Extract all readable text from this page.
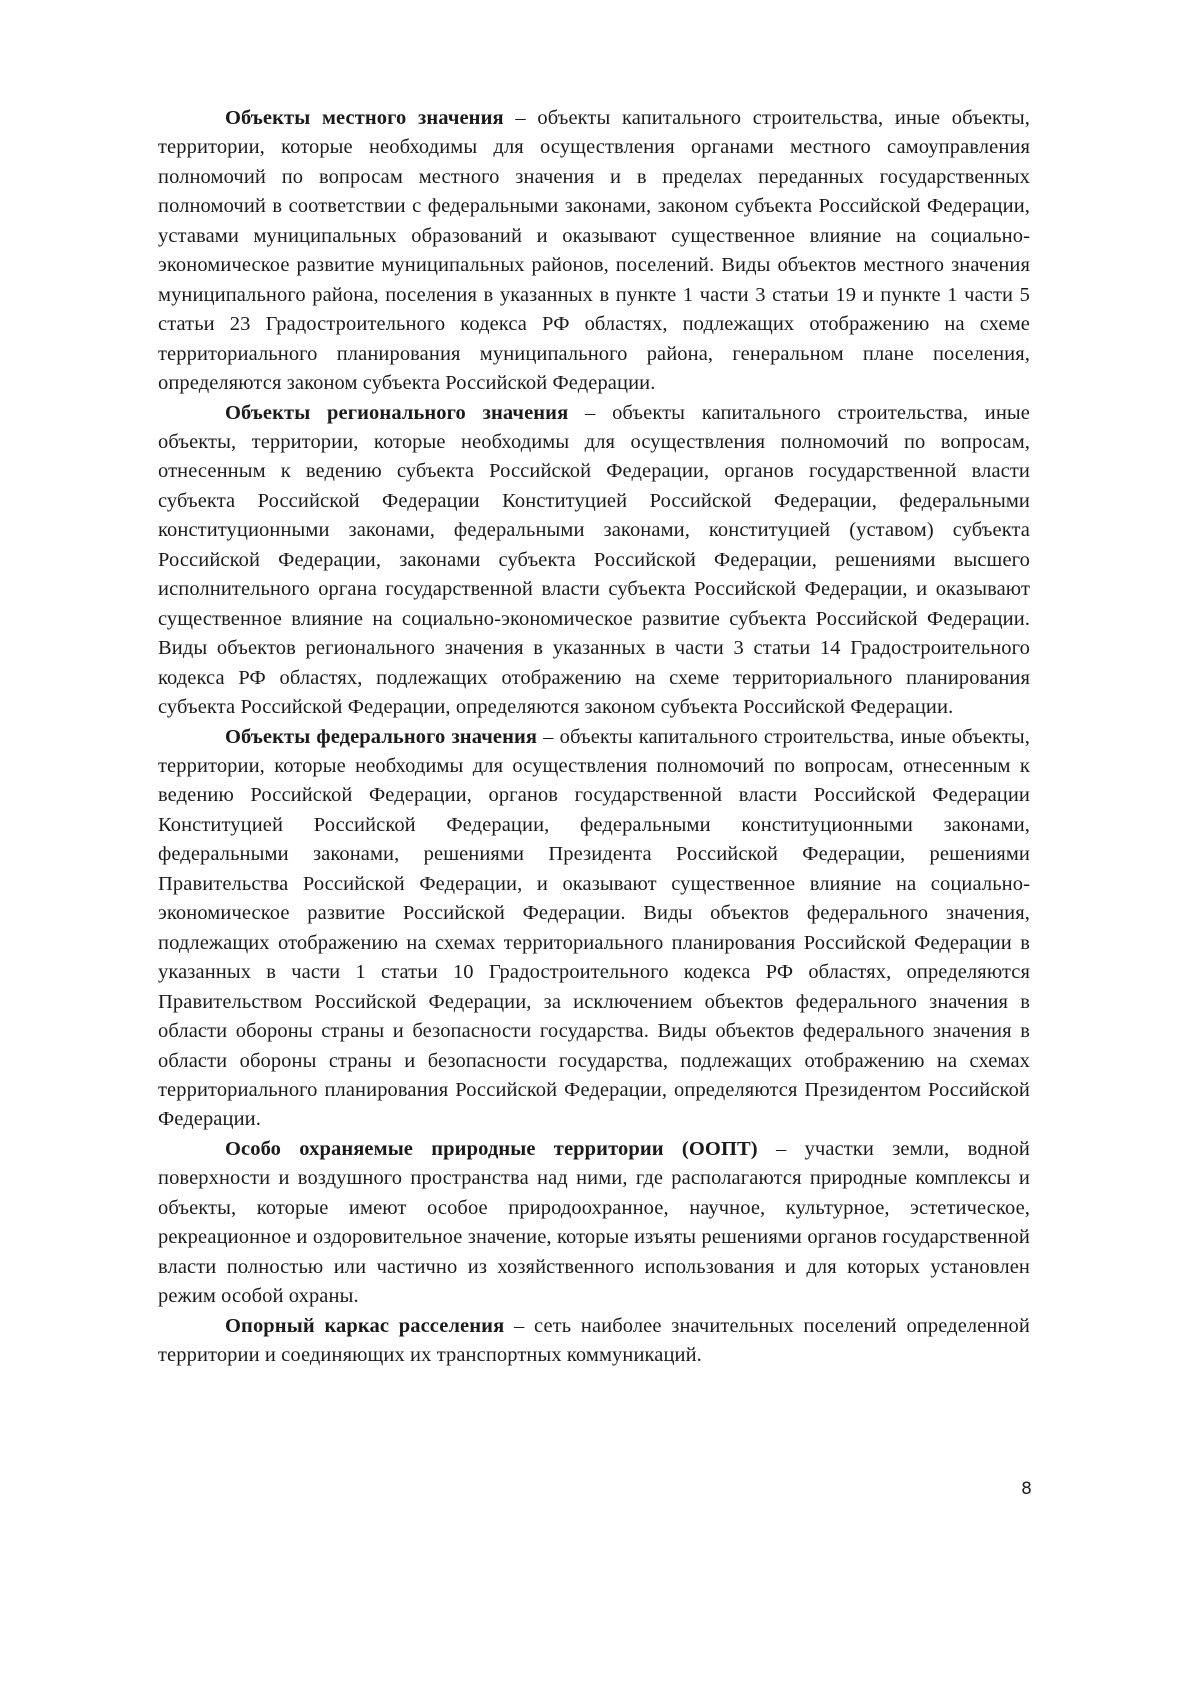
Объекты местного значения – объекты капитального строительства, иные объекты, территории, которые необходимы для осуществления органами местного самоуправления полномочий по вопросам местного значения и в пределах переданных государственных полномочий в соответствии с федеральными законами, законом субъекта Российской Федерации, уставами муниципальных образований и оказывают существенное влияние на социально-экономическое развитие муниципальных районов, поселений. Виды объектов местного значения муниципального района, поселения в указанных в пункте 1 части 3 статьи 19 и пункте 1 части 5 статьи 23 Градостроительного кодекса РФ областях, подлежащих отображению на схеме территориального планирования муниципального района, генеральном плане поселения, определяются законом субъекта Российской Федерации.

Объекты регионального значения – объекты капитального строительства, иные объекты, территории, которые необходимы для осуществления полномочий по вопросам, отнесенным к ведению субъекта Российской Федерации, органов государственной власти субъекта Российской Федерации Конституцией Российской Федерации, федеральными конституционными законами, федеральными законами, конституцией (уставом) субъекта Российской Федерации, законами субъекта Российской Федерации, решениями высшего исполнительного органа государственной власти субъекта Российской Федерации, и оказывают существенное влияние на социально-экономическое развитие субъекта Российской Федерации. Виды объектов регионального значения в указанных в части 3 статьи 14 Градостроительного кодекса РФ областях, подлежащих отображению на схеме территориального планирования субъекта Российской Федерации, определяются законом субъекта Российской Федерации.

Объекты федерального значения – объекты капитального строительства, иные объекты, территории, которые необходимы для осуществления полномочий по вопросам, отнесенным к ведению Российской Федерации, органов государственной власти Российской Федерации Конституцией Российской Федерации, федеральными конституционными законами, федеральными законами, решениями Президента Российской Федерации, решениями Правительства Российской Федерации, и оказывают существенное влияние на социально-экономическое развитие Российской Федерации. Виды объектов федерального значения, подлежащих отображению на схемах территориального планирования Российской Федерации в указанных в части 1 статьи 10 Градостроительного кодекса РФ областях, определяются Правительством Российской Федерации, за исключением объектов федерального значения в области обороны страны и безопасности государства. Виды объектов федерального значения в области обороны страны и безопасности государства, подлежащих отображению на схемах территориального планирования Российской Федерации, определяются Президентом Российской Федерации.

Особо охраняемые природные территории (ООПТ) – участки земли, водной поверхности и воздушного пространства над ними, где располагаются природные комплексы и объекты, которые имеют особое природоохранное, научное, культурное, эстетическое, рекреационное и оздоровительное значение, которые изъяты решениями органов государственной власти полностью или частично из хозяйственного использования и для которых установлен режим особой охраны.

Опорный каркас расселения – сеть наиболее значительных поселений определенной территории и соединяющих их транспортных коммуникаций.

8
